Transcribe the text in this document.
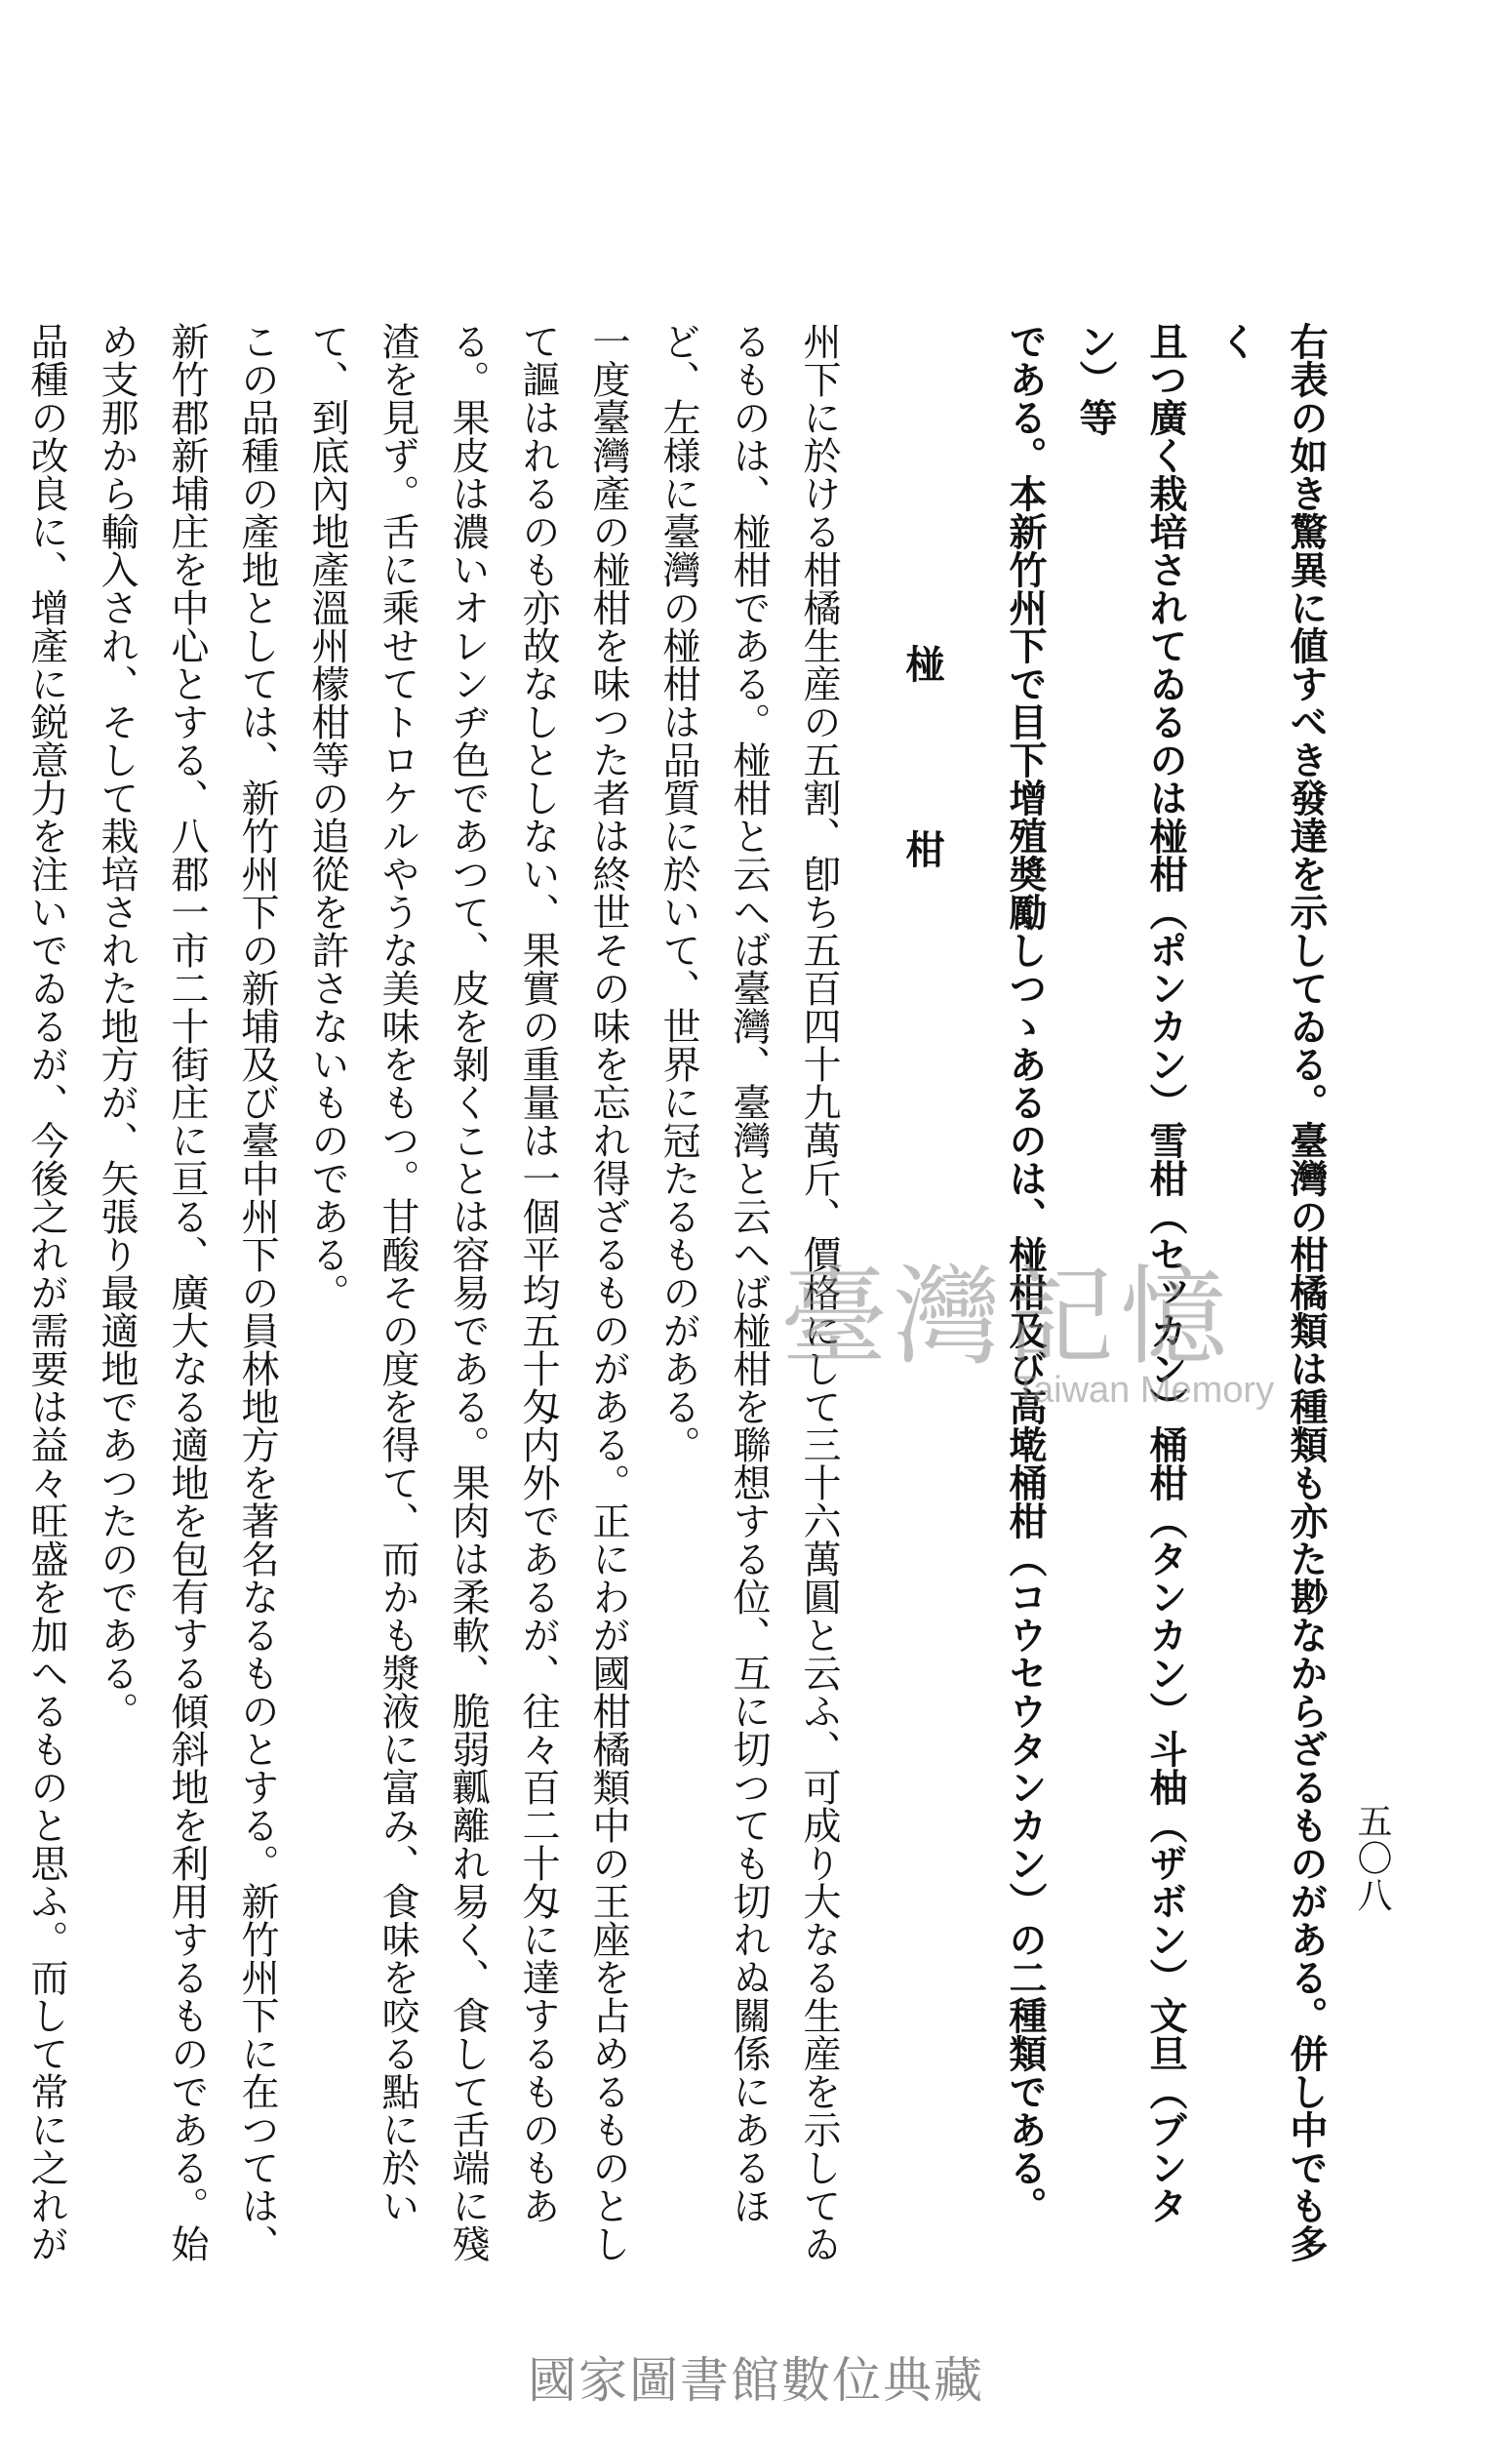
五〇八

右表の如き驚異に値すべき發達を示してゐる。臺灣の柑橘類は種類も亦た尠なからざるものがある。併し中でも多く

且つ廣く栽培されてゐるのは椪柑（ポンカン）雪柑（セッカン）桶柑（タンカン）斗柚（ザボン）文旦（ブンタン）等

である。本新竹州下で目下增殖奬勵しつゝあるのは、椪柑及び高墘桶柑（コウセウタンカン）の二種類である。

椪柑

州下に於ける柑橘生産の五割、卽ち五百四十九萬斤、價格にして三十六萬圓と云ふ、可成り大なる生産を示してゐるものは、椪柑である。椪柑と云へば臺灣、臺灣と云へば椪柑を聯想する位、互に切つても切れぬ關係にあるほど、左様に臺灣の椪柑は品質に於いて、世界に冠たるものがある。

一度臺灣產の椪柑を味つた者は終世その味を忘れ得ざるものがある。正にわが國柑橘類中の王座を占めるものとして謳はれるのも亦故なしとしない、果實の重量は一個平均五十匁内外であるが、往々百二十匁に達するものもある。果皮は濃いオレンヂ色であつて、皮を剝くことは容易である。果肉は柔軟、脆弱瓤離れ易く、食して舌端に殘渣を見ず。舌に乘せてトロケルやうな美味をもつ。甘酸その度を得て、而かも漿液に富み、食味を咬る點に於いて、到底內地產溫州檬柑等の追從を許さないものである。

この品種の產地としては、新竹州下の新埔及び臺中州下の員林地方を著名なるものとする。新竹州下に在つては、新竹郡新埔庄を中心とする、八郡一市二十街庄に亘る、廣大なる適地を包有する傾斜地を利用するものである。始め支那から輸入され、そして栽培された地方が、矢張り最適地であつたのである。

品種の改良に、增產に鋭意力を注いでゐるが、今後之れが需要は益々旺盛を加へるものと思ふ。而して常に之れが

臺灣記憶
Taiwan Memory
國家圖書館數位典藏
